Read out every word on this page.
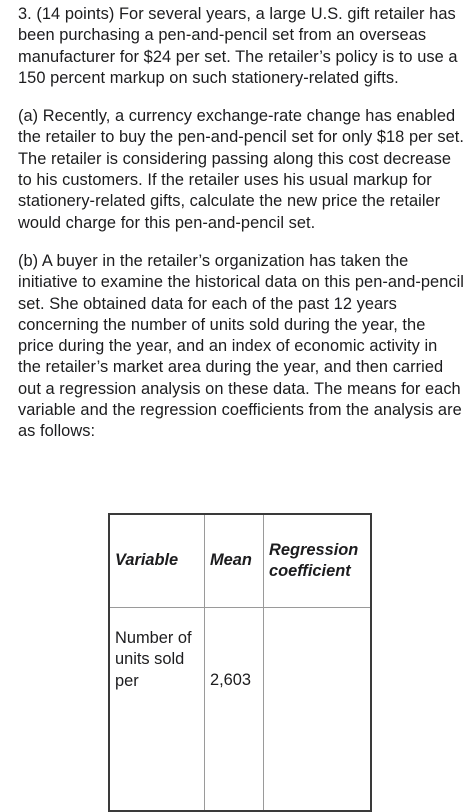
3. (14 points) For several years, a large U.S. gift retailer has been purchasing a pen-and-pencil set from an overseas manufacturer for $24 per set. The retailer’s policy is to use a 150 percent markup on such stationery-related gifts.

(a) Recently, a currency exchange-rate change has enabled the retailer to buy the pen-and-pencil set for only $18 per set. The retailer is considering passing along this cost decrease to his customers. If the retailer uses his usual markup for stationery-related gifts, calculate the new price the retailer would charge for this pen-and-pencil set.

(b) A buyer in the retailer’s organization has taken the initiative to examine the historical data on this pen-and-pencil set. She obtained data for each of the past 12 years concerning the number of units sold during the year, the price during the year, and an index of economic activity in the retailer’s market area during the year, and then carried out a regression analysis on these data. The means for each variable and the regression coefficients from the analysis are as follows:

Variable	Mean	Regression coefficient
Number of units sold per	2,603	
